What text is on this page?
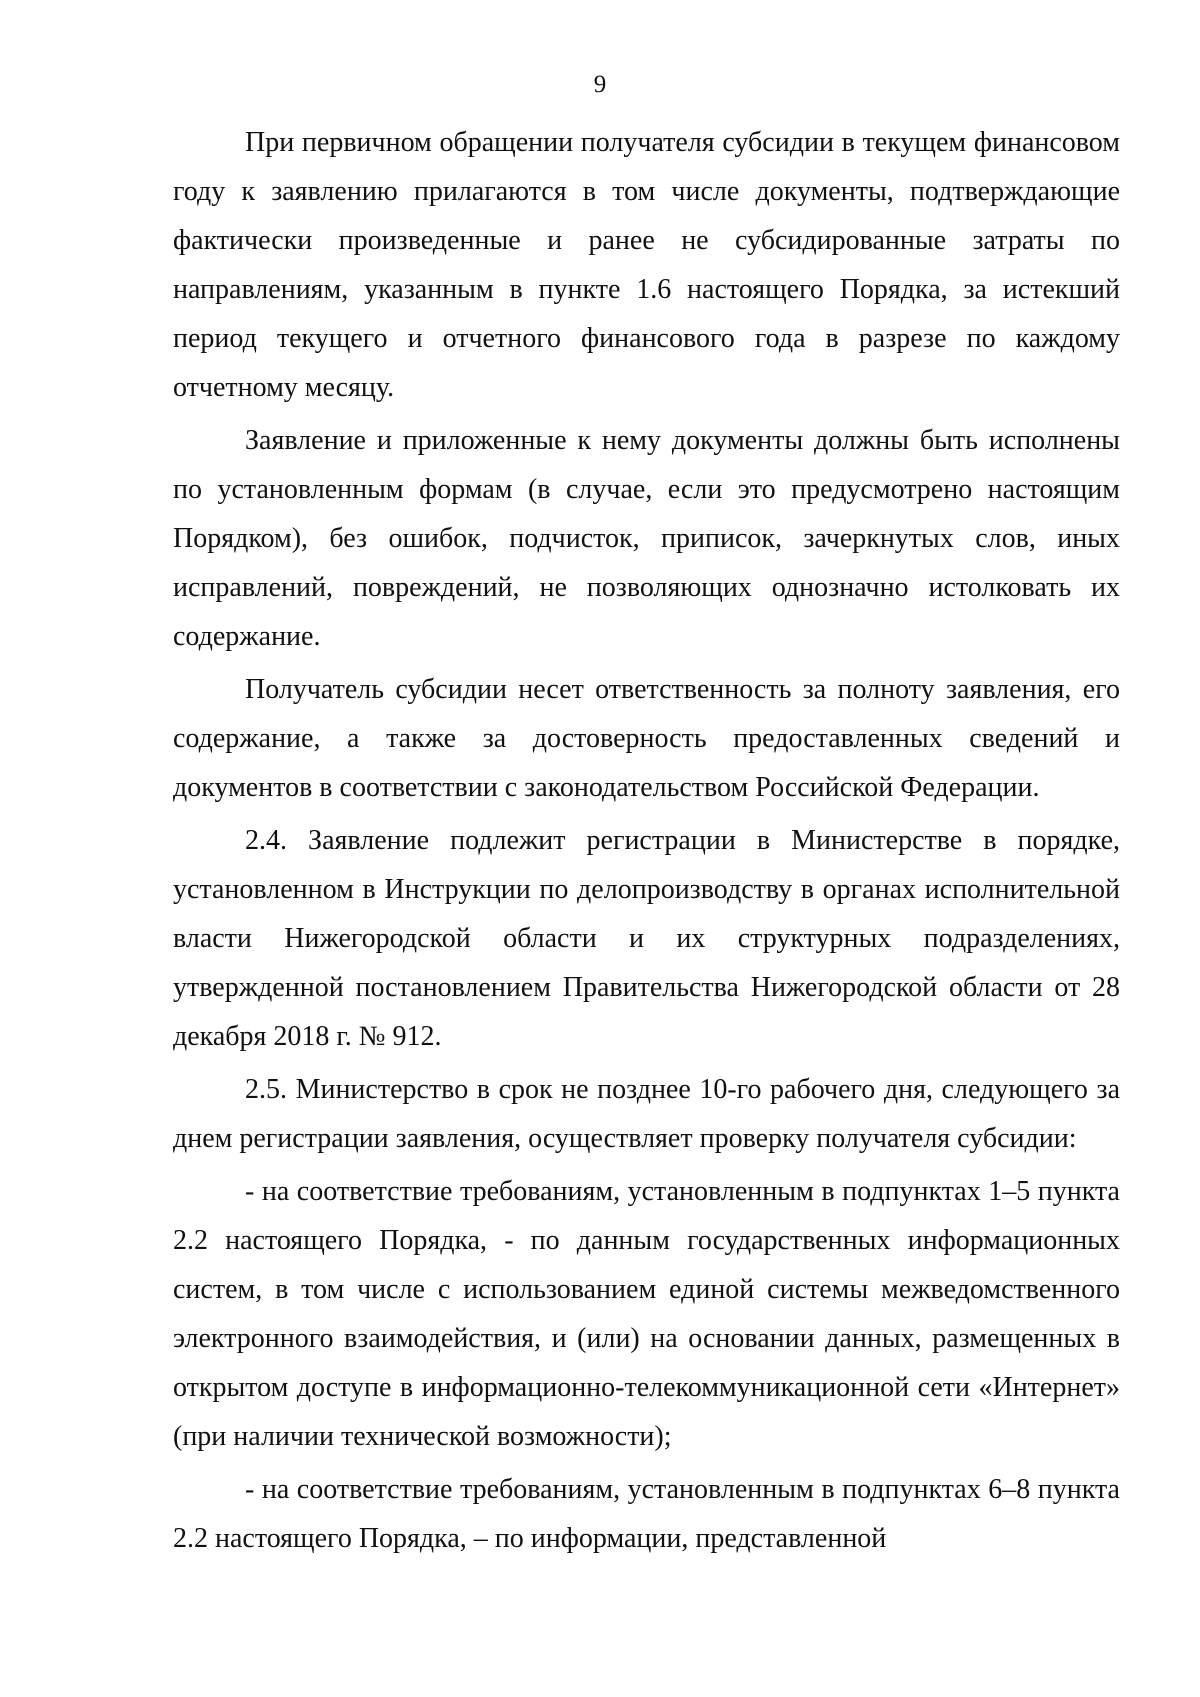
9

При первичном обращении получателя субсидии в текущем финансовом году к заявлению прилагаются в том числе документы, подтверждающие фактически произведенные и ранее не субсидированные затраты по направлениям, указанным в пункте 1.6 настоящего Порядка, за истекший период текущего и отчетного финансового года в разрезе по каждому отчетному месяцу.

Заявление и приложенные к нему документы должны быть исполнены по установленным формам (в случае, если это предусмотрено настоящим Порядком), без ошибок, подчисток, приписок, зачеркнутых слов, иных исправлений, повреждений, не позволяющих однозначно истолковать их содержание.

Получатель субсидии несет ответственность за полноту заявления, его содержание, а также за достоверность предоставленных сведений и документов в соответствии с законодательством Российской Федерации.

2.4. Заявление подлежит регистрации в Министерстве в порядке, установленном в Инструкции по делопроизводству в органах исполнительной власти Нижегородской области и их структурных подразделениях, утвержденной постановлением Правительства Нижегородской области от 28 декабря 2018 г. № 912.

2.5. Министерство в срок не позднее 10-го рабочего дня, следующего за днем регистрации заявления, осуществляет проверку получателя субсидии:

- на соответствие требованиям, установленным в подпунктах 1–5 пункта 2.2 настоящего Порядка, - по данным государственных информационных систем, в том числе с использованием единой системы межведомственного электронного взаимодействия, и (или) на основании данных, размещенных в открытом доступе в информационно-телекоммуникационной сети «Интернет» (при наличии технической возможности);

- на соответствие требованиям, установленным в подпунктах 6–8 пункта 2.2 настоящего Порядка, – по информации, представленной
